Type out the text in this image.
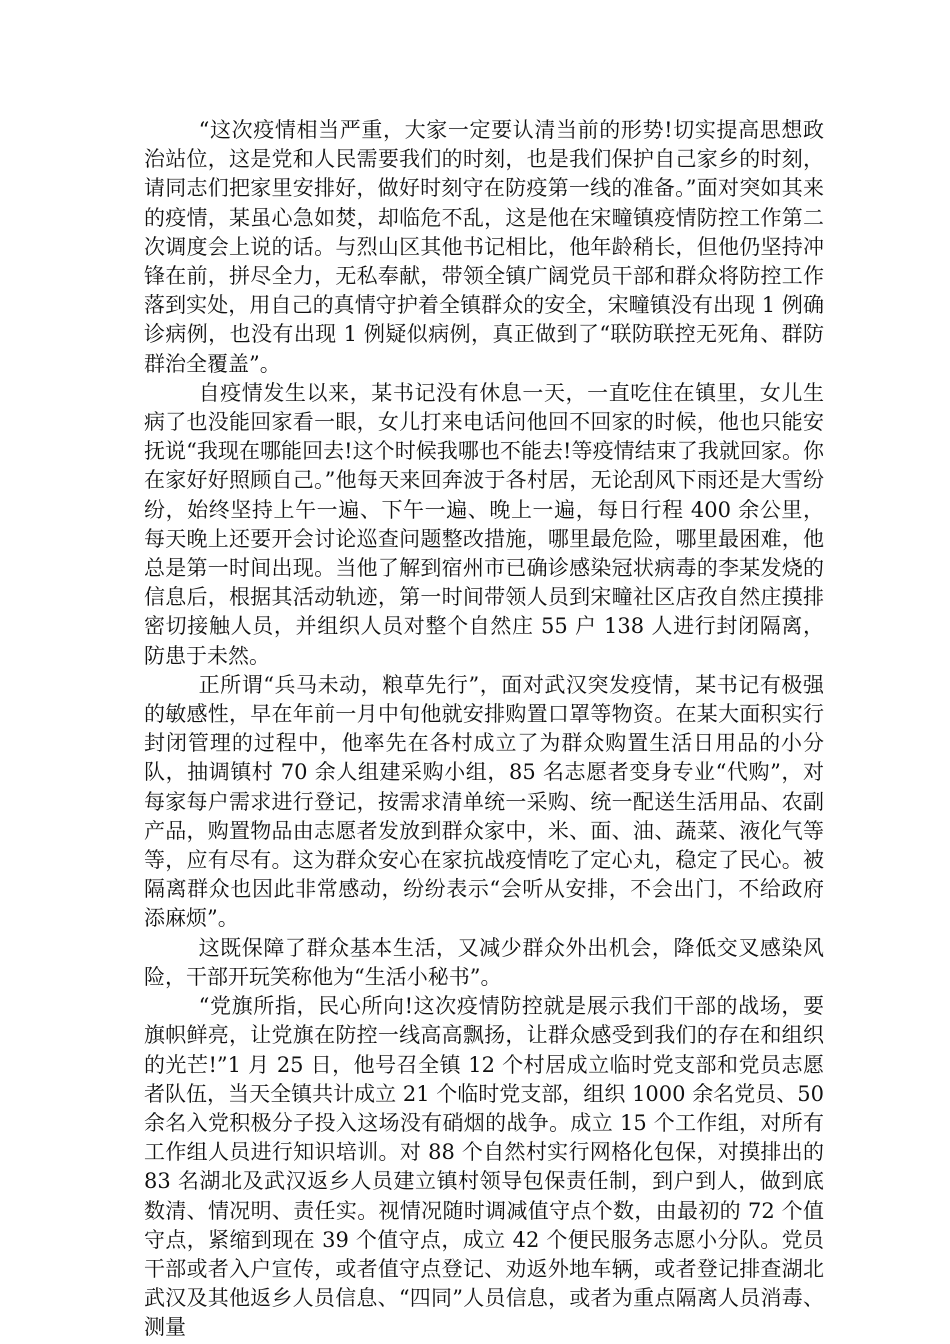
“这次疫情相当严重，大家一定要认清当前的形势!切实提高思想政治站位，这是党和人民需要我们的时刻，也是我们保护自己家乡的时刻，请同志们把家里安排好，做好时刻守在防疫第一线的准备。”面对突如其来的疫情，某虽心急如焚，却临危不乱，这是他在宋疃镇疫情防控工作第二次调度会上说的话。与烈山区其他书记相比，他年龄稍长，但他仍坚持冲锋在前，拼尽全力，无私奉献，带领全镇广阔党员干部和群众将防控工作落到实处，用自己的真情守护着全镇群众的安全，宋疃镇没有出现 1 例确诊病例，也没有出现 1 例疑似病例，真正做到了“联防联控无死角、群防群治全覆盖”。

自疫情发生以来，某书记没有休息一天，一直吃住在镇里，女儿生病了也没能回家看一眼，女儿打来电话问他回不回家的时候，他也只能安抚说“我现在哪能回去!这个时候我哪也不能去!等疫情结束了我就回家。你在家好好照顾自己。”他每天来回奔波于各村居，无论刮风下雨还是大雪纷纷，始终坚持上午一遍、下午一遍、晚上一遍，每日行程 400 余公里，每天晚上还要开会讨论巡查问题整改措施，哪里最危险，哪里最困难，他总是第一时间出现。当他了解到宿州市已确诊感染冠状病毒的李某发烧的信息后，根据其活动轨迹，第一时间带领人员到宋疃社区店孜自然庄摸排密切接触人员，并组织人员对整个自然庄 55 户 138 人进行封闭隔离，防患于未然。

正所谓“兵马未动，粮草先行”，面对武汉突发疫情，某书记有极强的敏感性，早在年前一月中旬他就安排购置口罩等物资。在某大面积实行封闭管理的过程中，他率先在各村成立了为群众购置生活日用品的小分队，抽调镇村 70 余人组建采购小组，85 名志愿者变身专业“代购”，对每家每户需求进行登记，按需求清单统一采购、统一配送生活用品、农副产品，购置物品由志愿者发放到群众家中，米、面、油、蔬菜、液化气等等，应有尽有。这为群众安心在家抗战疫情吃了定心丸，稳定了民心。被隔离群众也因此非常感动，纷纷表示“会听从安排，不会出门，不给政府添麻烦”。

这既保障了群众基本生活，又减少群众外出机会，降低交叉感染风险，干部开玩笑称他为“生活小秘书”。

“党旗所指，民心所向!这次疫情防控就是展示我们干部的战场，要旗帜鲜亮，让党旗在防控一线高高飘扬，让群众感受到我们的存在和组织的光芒!”1 月 25 日，他号召全镇 12 个村居成立临时党支部和党员志愿者队伍，当天全镇共计成立 21 个临时党支部，组织 1000 余名党员、50 余名入党积极分子投入这场没有硝烟的战争。成立 15 个工作组，对所有工作组人员进行知识培训。对 88 个自然村实行网格化包保，对摸排出的 83 名湖北及武汉返乡人员建立镇村领导包保责任制，到户到人，做到底数清、情况明、责任实。视情况随时调减值守点个数，由最初的 72 个值守点，紧缩到现在 39 个值守点，成立 42 个便民服务志愿小分队。党员干部或者入户宣传，或者值守点登记、劝返外地车辆，或者登记排查湖北武汉及其他返乡人员信息、“四同”人员信息，或者为重点隔离人员消毒、测量
